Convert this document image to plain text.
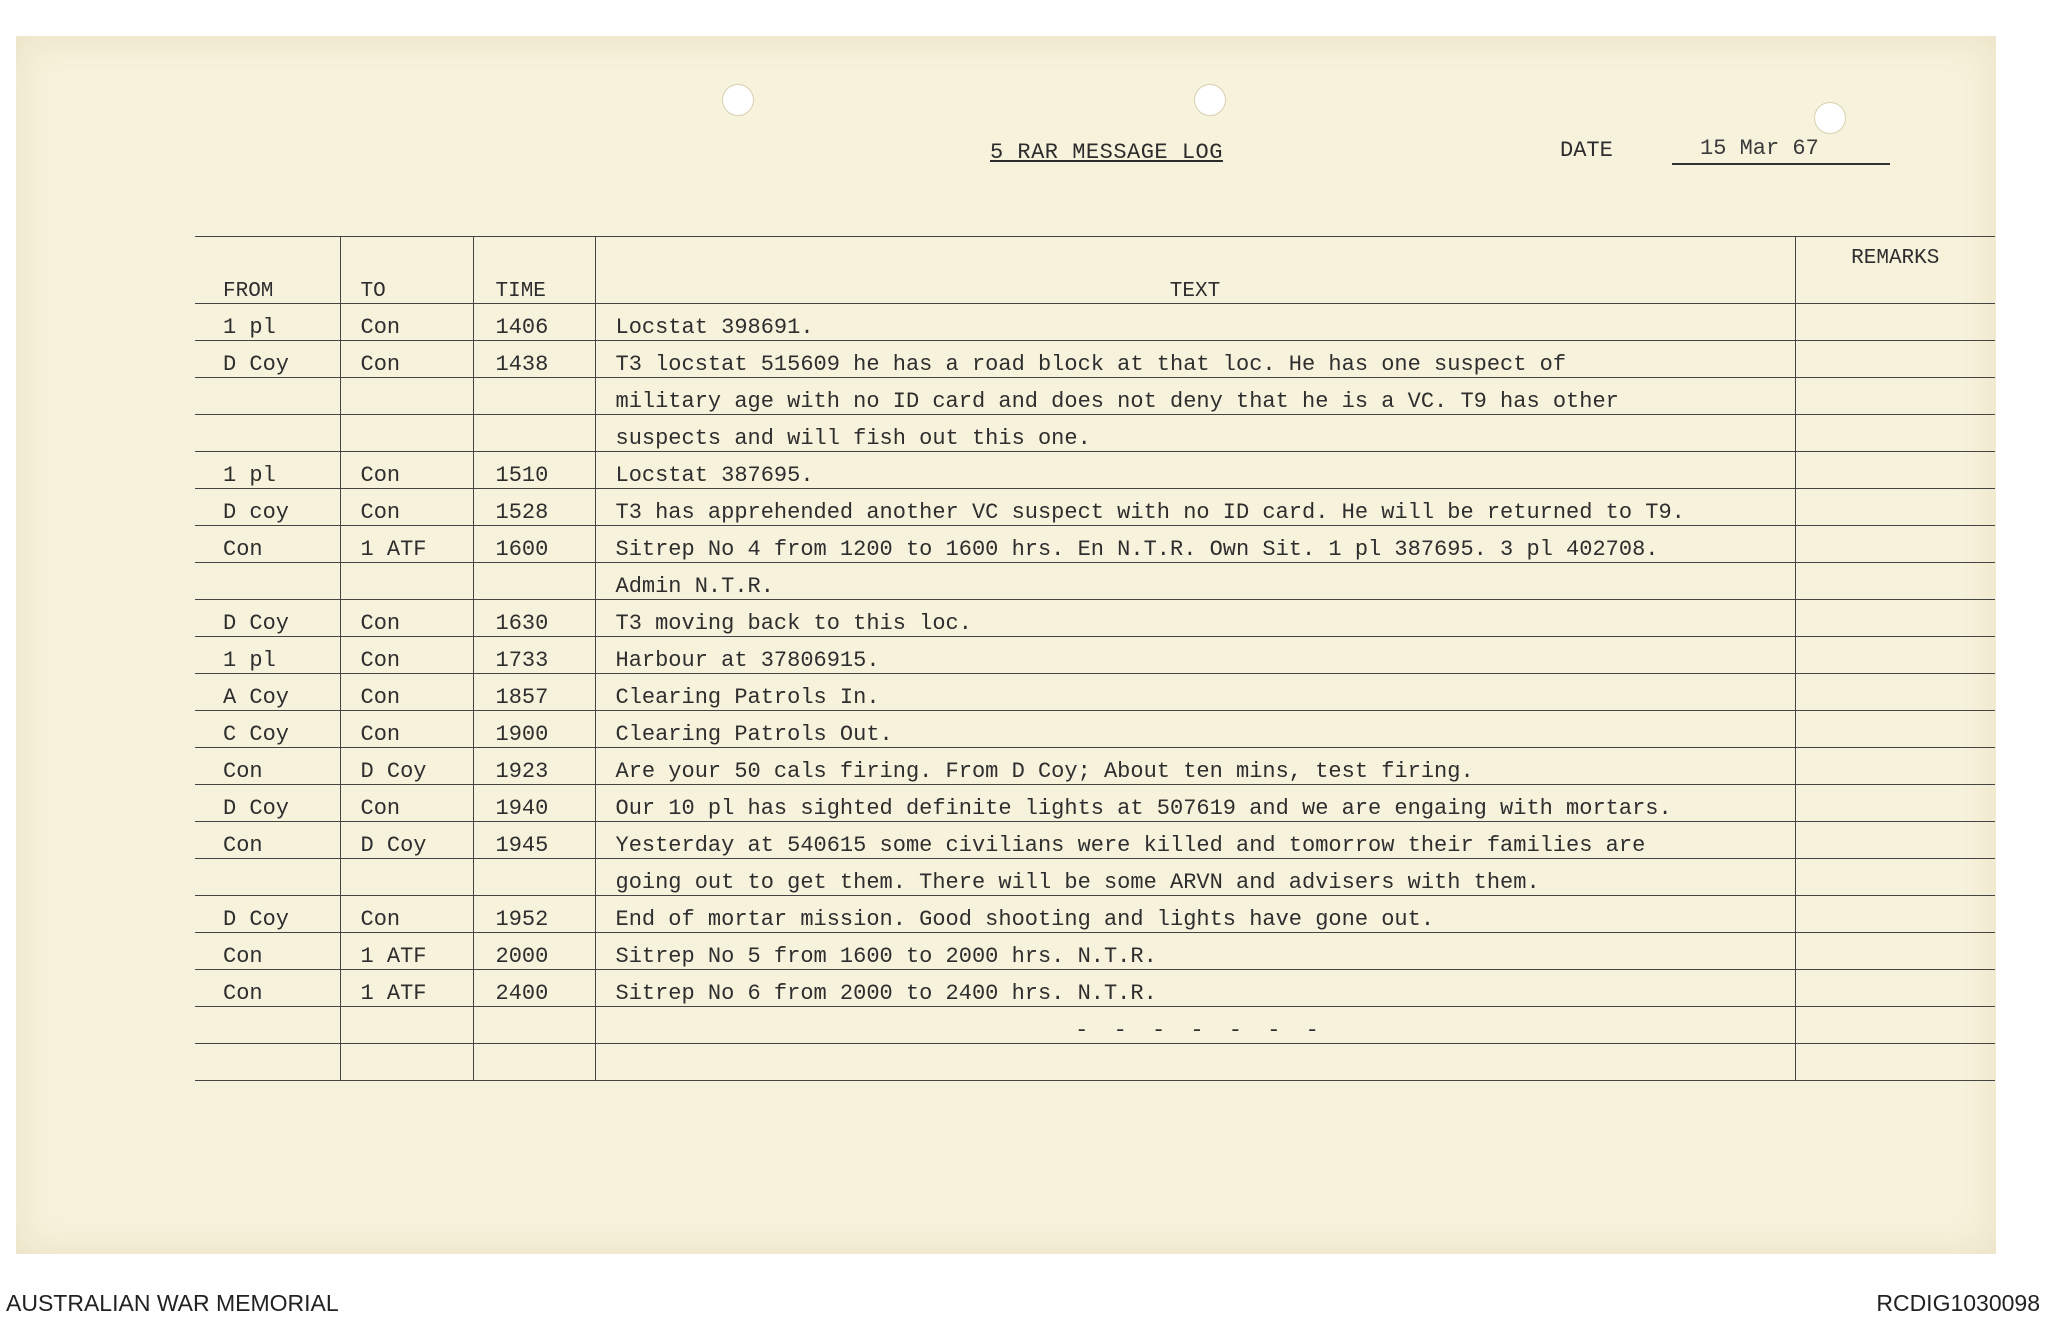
5 RAR MESSAGE LOG	DATE	15 Mar 67
FROM	TO	TIME	TEXT	REMARKS
1 pl	Con	1406	Locstat 398691.	
D Coy	Con	1438	T3 locstat 515609 he has a road block at that loc. He has one suspect of	
			military age with no ID card and does not deny that he is a VC. T9 has other	
			suspects and will fish out this one.	
1 pl	Con	1510	Locstat 387695.	
D coy	Con	1528	T3 has apprehended another VC suspect with no ID card. He will be returned to T9.	
Con	1 ATF	1600	Sitrep No 4 from 1200 to 1600 hrs. En N.T.R. Own Sit. 1 pl 387695. 3 pl 402708.	
			Admin N.T.R.	
D Coy	Con	1630	T3 moving back to this loc.	
1 pl	Con	1733	Harbour at 37806915.	
A Coy	Con	1857	Clearing Patrols In.	
C Coy	Con	1900	Clearing Patrols Out.	
Con	D Coy	1923	Are your 50 cals firing. From D Coy; About ten mins, test firing.	
D Coy	Con	1940	Our 10 pl has sighted definite lights at 507619 and we are engaing with mortars.	
Con	D Coy	1945	Yesterday at 540615 some civilians were killed and tomorrow their families are	
			going out to get them. There will be some ARVN and advisers with them.	
D Coy	Con	1952	End of mortar mission. Good shooting and lights have gone out.	
Con	1 ATF	2000	Sitrep No 5 from 1600 to 2000 hrs. N.T.R.	
Con	1 ATF	2400	Sitrep No 6 from 2000 to 2400 hrs. N.T.R.	

			- - - - - - -	

AUSTRALIAN WAR MEMORIAL	RCDIG1030098
